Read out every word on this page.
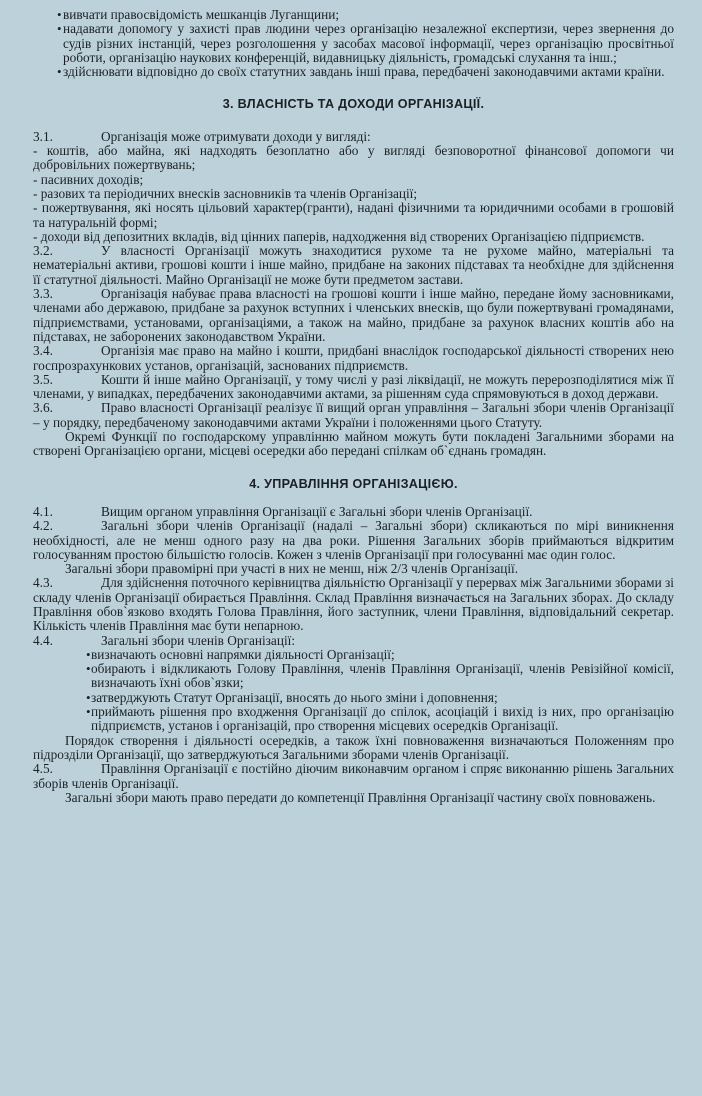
• вивчати правосвідомість мешканців Луганщини;
• надавати допомогу у захисті прав людини через організацію незалежної експертизи, через звернення до судів різних інстанцій, через розголошення у засобах масової інформації, через організацію просвітньої роботи, організацію наукових конференцій, видавницьку діяльність, громадські слухання та інш.;
• здійснювати відповідно до своїх статутних завдань інші права, передбачені законодавчими актами країни.
3. ВЛАСНІСТЬ ТА ДОХОДИ ОРГАНІЗАЦІЇ.

3.1.	Організація може отримувати доходи у вигляді:

- коштів, або майна, які надходять безоплатно або у вигляді безповоротної фінансової допомоги чи добровільних пожертвувань;

- пасивних доходів;

- разових та періодичних внесків засновників та членів Організації;

- пожертвування, які носять цільовий характер(гранти), надані фізичними та юридичними особами в грошовій та натуральній формі;

- доходи від депозитних вкладів, від цінних паперів, надходження від створених Організацією підприємств.

3.2.	У власності Організації можуть знаходитися рухоме та не рухоме майно, матеріальні та нематеріальні активи, грошові кошти і інше майно, придбане на законих підставах та необхідне для здійснення її статутної діяльності. Майно Організації не може бути предметом застави.

3.3.	Організація набуває права власності на грошові кошти і інше майно, передане йому засновниками, членами або державою, придбане за рахунок вступних і членських внесків, що були пожертвувані громадянами, підприємствами, установами, організаціями, а також на майно, придбане за рахунок власних коштів або на підставах, не заборонених законодавством України.

3.4.	Організія має право на майно і кошти, придбані внаслідок господарської діяльності створених нею госпрозрахункових установ, організацій, заснованих підприємств.

3.5.	Кошти й інше майно Організації, у тому числі у разі ліквідації, не можуть перерозподілятися між її членами, у випадках, передбачених законодавчими актами, за рішенням суда спрямовуються в доход держави.

3.6.	Право власності Організації реалізує її вищий орган управління – Загальні збори членів Організації – у порядку, передбаченому законодавчими актами України і положеннями цього Статуту.

Окремі Функції по господарскому управлінню майном можуть бути покладені Загальними зборами на створені Організацією органи, місцеві осередки або передані спілкам об`єднань громадян.

4. УПРАВЛІННЯ ОРГАНІЗАЦІЄЮ.

4.1.	Вищим органом управління Організації є Загальні збори членів Організації.

4.2.	Загальні збори членів Організації (надалі – Загальні збори) скликаються по мірі виникнення необхідності, але не менш одного разу на два роки. Рішення Загальних зборів приймаються відкритим голосуванням простою більшістю голосів. Кожен з членів Організації при голосуванні має один голос.

Загальні збори правомірні при участі в них не менш, ніж 2/3 членів Організації.

4.3.	Для здійснення поточного керівництва діяльністю Організації у перервах між Загальними зборами зі складу членів Організації обирається Правління. Склад Правління визначається на Загальних зборах. До складу Правління обов`язково входять Голова Правління, його заступник, члени Правління, відповідальний секретар. Кількість членів Правління має бути непарною.

4.4.	Загальні збори членів Організації:

• визначають основні напрямки діяльності Організації;
• обирають і відкликають Голову Правління, членів Правління Організації, членів Ревізійної комісії, визначають їхні обов`язки;
• затверджують Статут Організації, вносять до нього зміни і доповнення;
• приймають рішення про входження Організації до спілок, асоціацій і вихід із них, про організацію підприємств, установ і організацій, про створення місцевих осередків Організації.

Порядок створення і діяльності осередків, а також їхні повноваження визначаються Положенням про підрозділи Організації, що затверджуються Загальними зборами членів Організації.

4.5.	Правління Організації є постійно діючим виконавчим органом і спряє виконанню рішень Загальних зборів членів Організації.

Загальні збори мають право передати до компетенції Правління Організації частину своїх повноважень.
